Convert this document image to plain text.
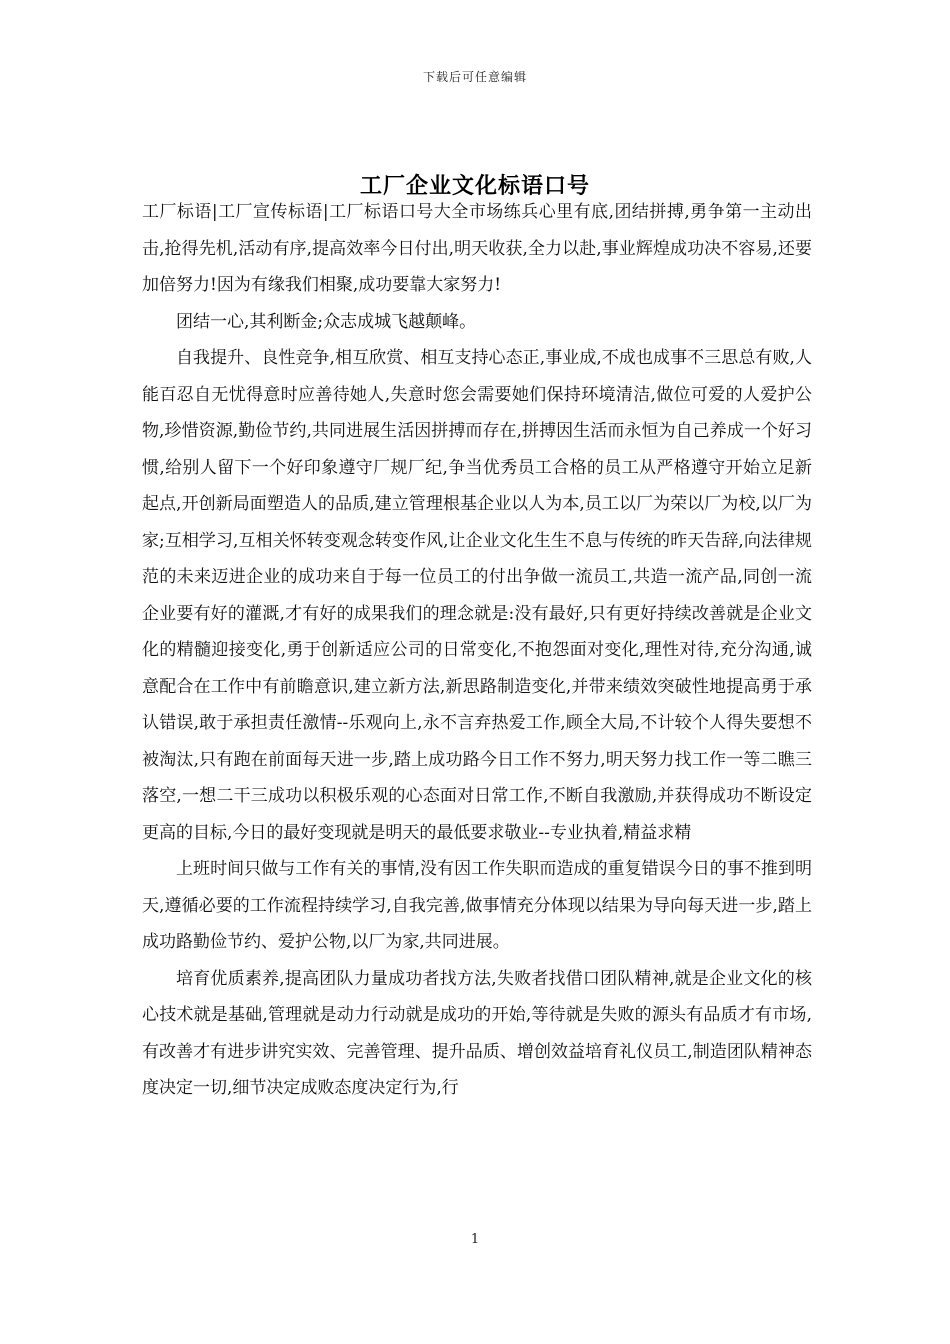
下载后可任意编辑
工厂企业文化标语口号

工厂标语|工厂宣传标语|工厂标语口号大全市场练兵心里有底,团结拼搏,勇争第一主动出击,抢得先机,活动有序,提高效率今日付出,明天收获,全力以赴,事业辉煌成功决不容易,还要加倍努力!因为有缘我们相聚,成功要靠大家努力!

团结一心,其利断金;众志成城飞越颠峰。

自我提升、良性竞争,相互欣赏、相互支持心态正,事业成,不成也成事不三思总有败,人能百忍自无忧得意时应善待她人,失意时您会需要她们保持环境清洁,做位可爱的人爱护公物,珍惜资源,勤俭节约,共同进展生活因拼搏而存在,拼搏因生活而永恒为自己养成一个好习惯,给别人留下一个好印象遵守厂规厂纪,争当优秀员工合格的员工从严格遵守开始立足新起点,开创新局面塑造人的品质,建立管理根基企业以人为本,员工以厂为荣以厂为校,以厂为家;互相学习,互相关怀转变观念转变作风,让企业文化生生不息与传统的昨天告辞,向法律规范的未来迈进企业的成功来自于每一位员工的付出争做一流员工,共造一流产品,同创一流企业要有好的灌溉,才有好的成果我们的理念就是:没有最好,只有更好持续改善就是企业文化的精髓迎接变化,勇于创新适应公司的日常变化,不抱怨面对变化,理性对待,充分沟通,诚意配合在工作中有前瞻意识,建立新方法,新思路制造变化,并带来绩效突破性地提高勇于承认错误,敢于承担责任激情--乐观向上,永不言弃热爱工作,顾全大局,不计较个人得失要想不被淘汰,只有跑在前面每天进一步,踏上成功路今日工作不努力,明天努力找工作一等二瞧三落空,一想二干三成功以积极乐观的心态面对日常工作,不断自我激励,并获得成功不断设定更高的目标,今日的最好变现就是明天的最低要求敬业--专业执着,精益求精

上班时间只做与工作有关的事情,没有因工作失职而造成的重复错误今日的事不推到明天,遵循必要的工作流程持续学习,自我完善,做事情充分体现以结果为导向每天进一步,踏上成功路勤俭节约、爱护公物,以厂为家,共同进展。

培育优质素养,提高团队力量成功者找方法,失败者找借口团队精神,就是企业文化的核心技术就是基础,管理就是动力行动就是成功的开始,等待就是失败的源头有品质才有市场,有改善才有进步讲究实效、完善管理、提升品质、增创效益培育礼仪员工,制造团队精神态度决定一切,细节决定成败态度决定行为,行

1
